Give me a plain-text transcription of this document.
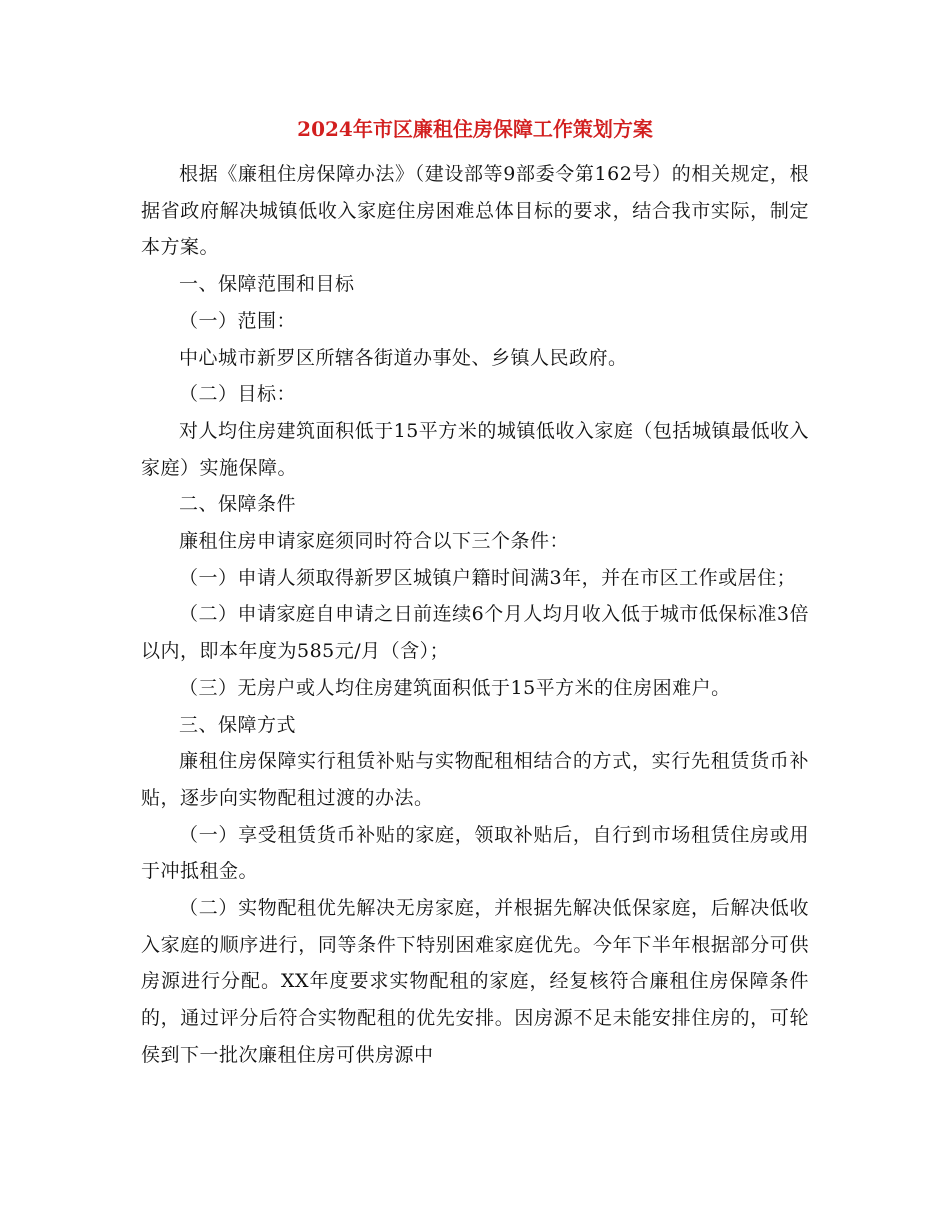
2024年市区廉租住房保障工作策划方案

根据《廉租住房保障办法》（建设部等9部委令第162号）的相关规定，根据省政府解决城镇低收入家庭住房困难总体目标的要求，结合我市实际，制定本方案。

一、保障范围和目标

（一）范围：

中心城市新罗区所辖各街道办事处、乡镇人民政府。

（二）目标：

对人均住房建筑面积低于15平方米的城镇低收入家庭（包括城镇最低收入家庭）实施保障。

二、保障条件

廉租住房申请家庭须同时符合以下三个条件：

（一）申请人须取得新罗区城镇户籍时间满3年，并在市区工作或居住；

（二）申请家庭自申请之日前连续6个月人均月收入低于城市低保标准3倍以内，即本年度为585元/月（含）；

（三）无房户或人均住房建筑面积低于15平方米的住房困难户。

三、保障方式

廉租住房保障实行租赁补贴与实物配租相结合的方式，实行先租赁货币补贴，逐步向实物配租过渡的办法。

（一）享受租赁货币补贴的家庭，领取补贴后，自行到市场租赁住房或用于冲抵租金。

（二）实物配租优先解决无房家庭，并根据先解决低保家庭，后解决低收入家庭的顺序进行，同等条件下特别困难家庭优先。今年下半年根据部分可供房源进行分配。XX年度要求实物配租的家庭，经复核符合廉租住房保障条件的，通过评分后符合实物配租的优先安排。因房源不足未能安排住房的，可轮侯到下一批次廉租住房可供房源中
